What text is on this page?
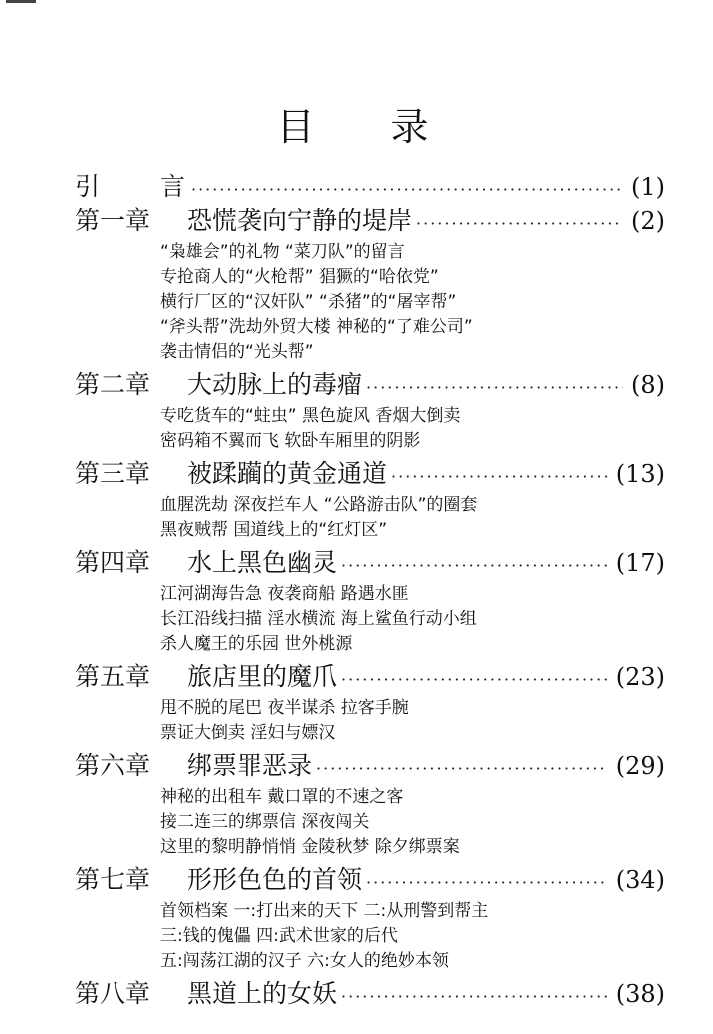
目 录
引 言 ·····	(1)
第一章 恐慌袭向宁静的堤岸 ·····	(2)
“枭雄会”的礼物 “菜刀队”的留言
专抢商人的“火枪帮” 猖獗的“哈依党”
横行厂区的“汉奸队” “杀猪”的“屠宰帮”
“斧头帮”洗劫外贸大楼 神秘的“了难公司”
袭击情侣的“光头帮”
第二章 大动脉上的毒瘤 ·····	(8)
专吃货车的“蛀虫” 黑色旋风 香烟大倒卖
密码箱不翼而飞 软卧车厢里的阴影
第三章 被蹂躏的黄金通道 ·····	(13)
血腥洗劫 深夜拦车人 “公路游击队”的圈套
黑夜贼帮 国道线上的“红灯区”
第四章 水上黑色幽灵 ·····	(17)
江河湖海告急 夜袭商船 路遇水匪
长江沿线扫描 淫水横流 海上鲨鱼行动小组
杀人魔王的乐园 世外桃源
第五章 旅店里的魔爪 ·····	(23)
甩不脱的尾巴 夜半谋杀 拉客手腕
票证大倒卖 淫妇与嫖汉
第六章 绑票罪恶录 ·····	(29)
神秘的出租车 戴口罩的不速之客
接二连三的绑票信 深夜闯关
这里的黎明静悄悄 金陵秋梦 除夕绑票案
第七章 形形色色的首领 ·····	(34)
首领档案 一:打出来的天下 二:从刑警到帮主
三:钱的傀儡 四:武术世家的后代
五:闯荡江湖的汉子 六:女人的绝妙本领
第八章 黑道上的女妖 ·····	(38)
